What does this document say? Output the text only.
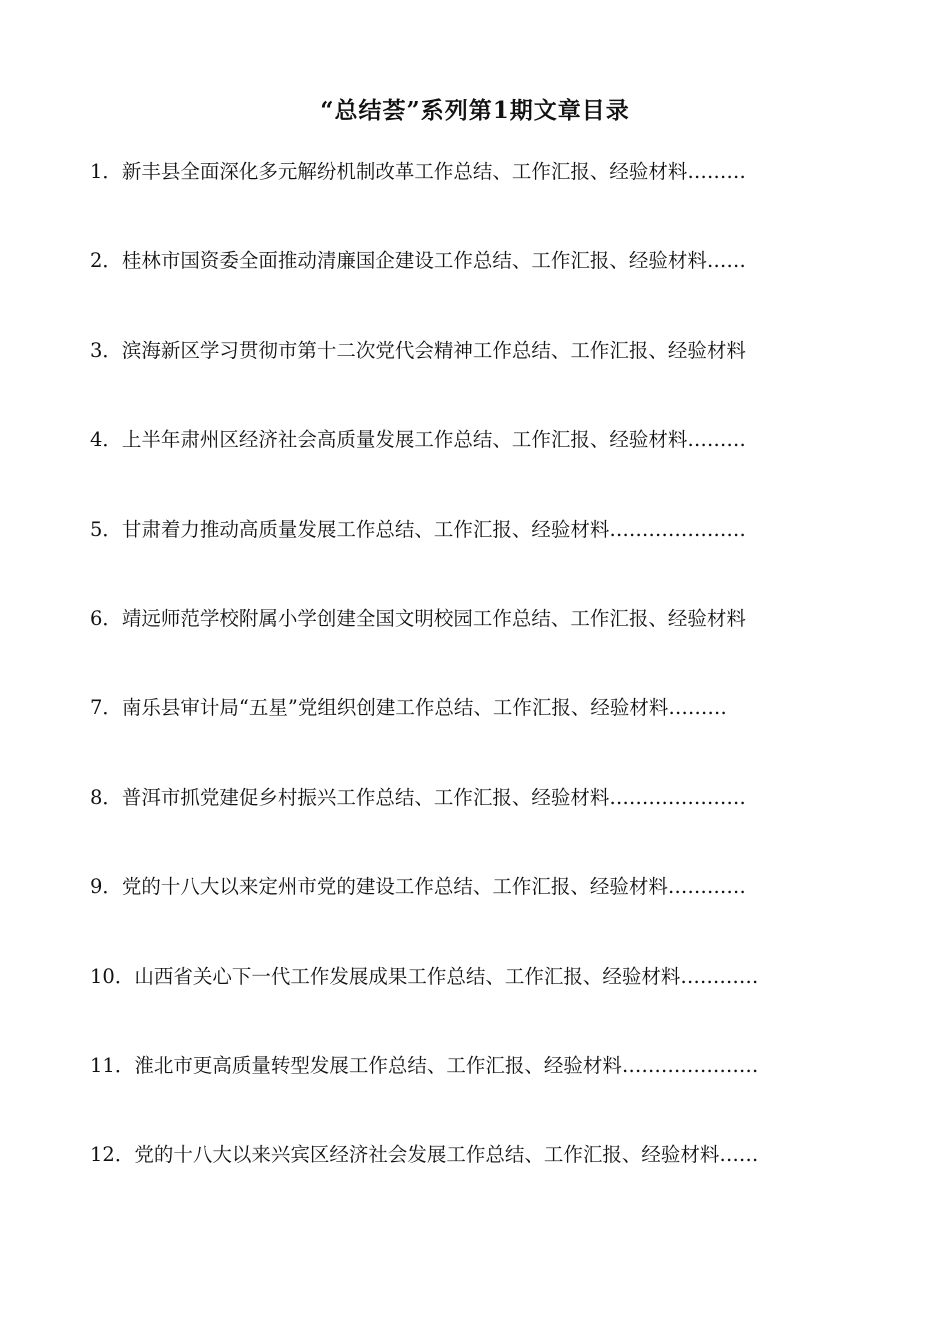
“总结荟”系列第1期文章目录
1．新丰县全面深化多元解纷机制改革工作总结、工作汇报、经验材料………
2．桂林市国资委全面推动清廉国企建设工作总结、工作汇报、经验材料……
3．滨海新区学习贯彻市第十二次党代会精神工作总结、工作汇报、经验材料
4．上半年肃州区经济社会高质量发展工作总结、工作汇报、经验材料………
5．甘肃着力推动高质量发展工作总结、工作汇报、经验材料…………………
6．靖远师范学校附属小学创建全国文明校园工作总结、工作汇报、经验材料
7．南乐县审计局“五星”党组织创建工作总结、工作汇报、经验材料………
8．普洱市抓党建促乡村振兴工作总结、工作汇报、经验材料…………………
9．党的十八大以来定州市党的建设工作总结、工作汇报、经验材料…………
10．山西省关心下一代工作发展成果工作总结、工作汇报、经验材料…………
11．淮北市更高质量转型发展工作总结、工作汇报、经验材料…………………
12．党的十八大以来兴宾区经济社会发展工作总结、工作汇报、经验材料……
